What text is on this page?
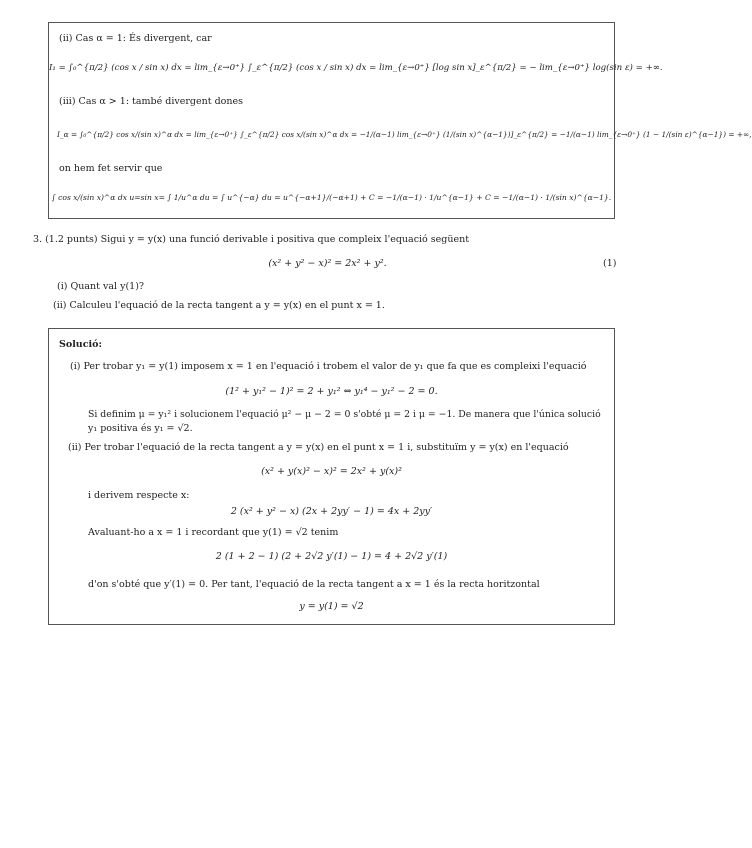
(ii) Cas α = 1: És divergent, car
I₁ = ∫₀^{π/2} (cos x / sin x) dx = lim_{ε→0⁺} ∫_ε^{π/2} (cos x / sin x) dx = lim_{ε→0⁺} [log sin x]_ε^{π/2} = − lim_{ε→0⁺} log(sin ε) = +∞.
(iii) Cas α > 1: també divergent dones
I_α = ∫₀^{π/2} cos x/(sin x)^α dx = lim_{ε→0⁺} ∫_ε^{π/2} cos x/(sin x)^α dx = −1/(α−1) lim_{ε→0⁺} (1/(sin x)^{α−1})]_ε^{π/2} = −1/(α−1) lim_{ε→0⁺} (1 − 1/(sin ε)^{α−1}) = +∞,
on hem fet servir que
∫ cos x/(sin x)^α dx u=sin x= ∫ 1/u^α du = ∫ u^{−α} du = u^{−α+1}/(−α+1) + C = −1/(α−1) · 1/u^{α−1} + C = −1/(α−1) · 1/(sin x)^{α−1}.
3. (1.2 punts) Sigui y = y(x) una funció derivable i positiva que compleix l'equació següent
(x² + y² − x)² = 2x² + y².	(1)
(i) Quant val y(1)?
(ii) Calculeu l'equació de la recta tangent a y = y(x) en el punt x = 1.
Solució:
(i) Per trobar y₁ = y(1) imposem x = 1 en l'equació i trobem el valor de y₁ que fa que es compleixi l'equació
(1² + y₁² − 1)² = 2 + y₁² ⇔ y₁⁴ − y₁² − 2 = 0.
Si definim μ = y₁² i solucionem l'equació μ² − μ − 2 = 0 s'obté μ = 2 i μ = −1. De manera que l'única solució
y₁ positiva és y₁ = √2.
(ii) Per trobar l'equació de la recta tangent a y = y(x) en el punt x = 1 i, substituïm y = y(x) en l'equació
(x² + y(x)² − x)² = 2x² + y(x)²
i derivem respecte x:
2 (x² + y² − x) (2x + 2yy′ − 1) = 4x + 2yy′
Avaluant-ho a x = 1 i recordant que y(1) = √2 tenim
2 (1 + 2 − 1) (2 + 2√2 y′(1) − 1) = 4 + 2√2 y′(1)
d'on s'obté que y′(1) = 0. Per tant, l'equació de la recta tangent a x = 1 és la recta horitzontal
y = y(1) = √2
